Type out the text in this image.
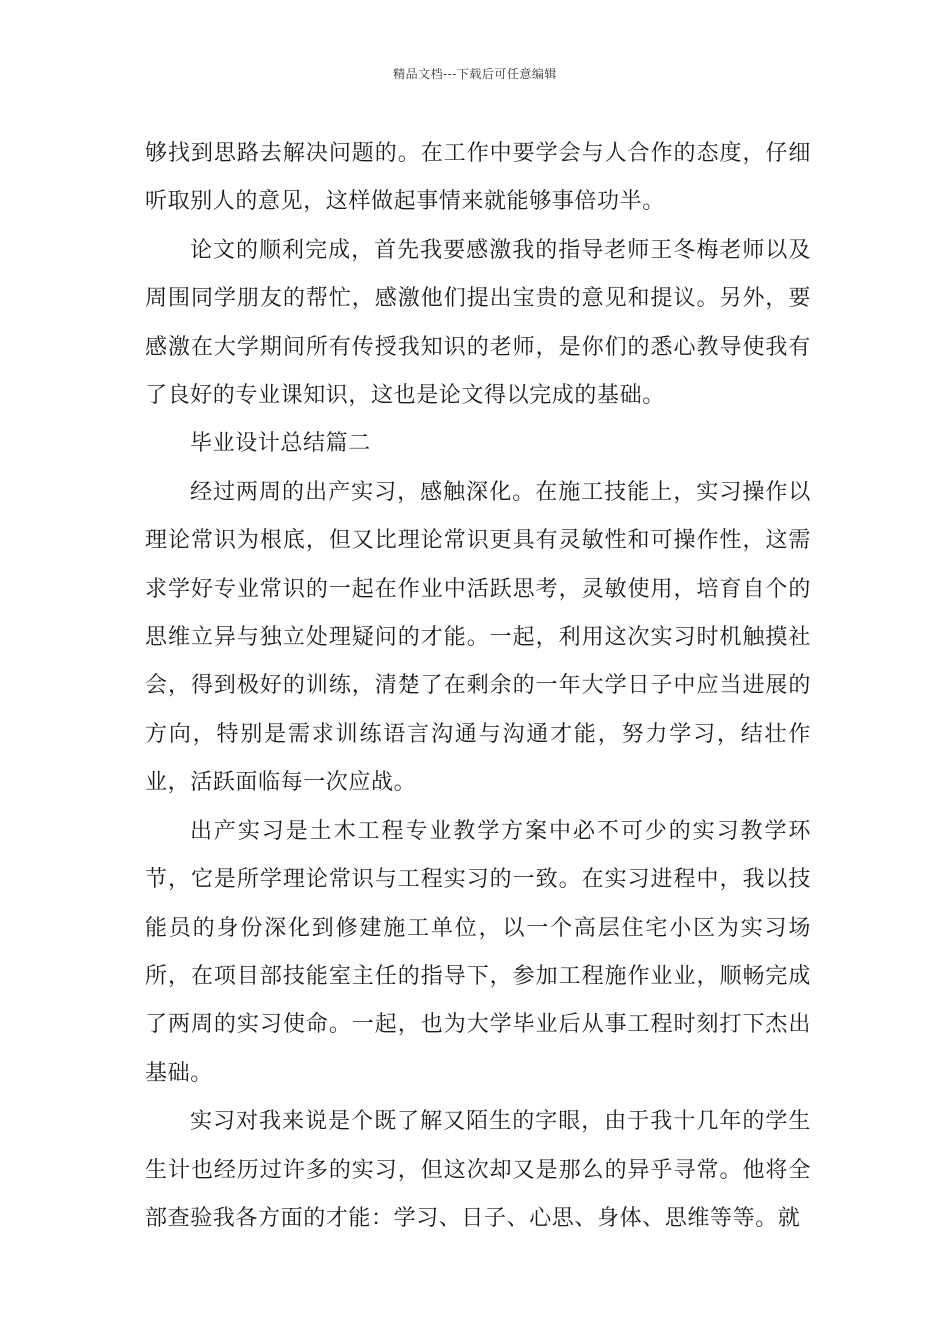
精品文档---下载后可任意编辑

够找到思路去解决问题的。在工作中要学会与人合作的态度，仔细听取别人的意见，这样做起事情来就能够事倍功半。

论文的顺利完成，首先我要感激我的指导老师王冬梅老师以及周围同学朋友的帮忙，感激他们提出宝贵的意见和提议。另外，要感激在大学期间所有传授我知识的老师，是你们的悉心教导使我有了良好的专业课知识，这也是论文得以完成的基础。

毕业设计总结篇二

经过两周的出产实习，感触深化。在施工技能上，实习操作以理论常识为根底，但又比理论常识更具有灵敏性和可操作性，这需求学好专业常识的一起在作业中活跃思考，灵敏使用，培育自个的思维立异与独立处理疑问的才能。一起，利用这次实习时机触摸社会，得到极好的训练，清楚了在剩余的一年大学日子中应当进展的方向，特别是需求训练语言沟通与沟通才能，努力学习，结壮作业，活跃面临每一次应战。

出产实习是土木工程专业教学方案中必不可少的实习教学环节，它是所学理论常识与工程实习的一致。在实习进程中，我以技能员的身份深化到修建施工单位，以一个高层住宅小区为实习场所，在项目部技能室主任的指导下，参加工程施作业业，顺畅完成了两周的实习使命。一起，也为大学毕业后从事工程时刻打下杰出基础。

实习对我来说是个既了解又陌生的字眼，由于我十几年的学生生计也经历过许多的实习，但这次却又是那么的异乎寻常。他将全部查验我各方面的才能：学习、日子、心思、身体、思维等等。就
